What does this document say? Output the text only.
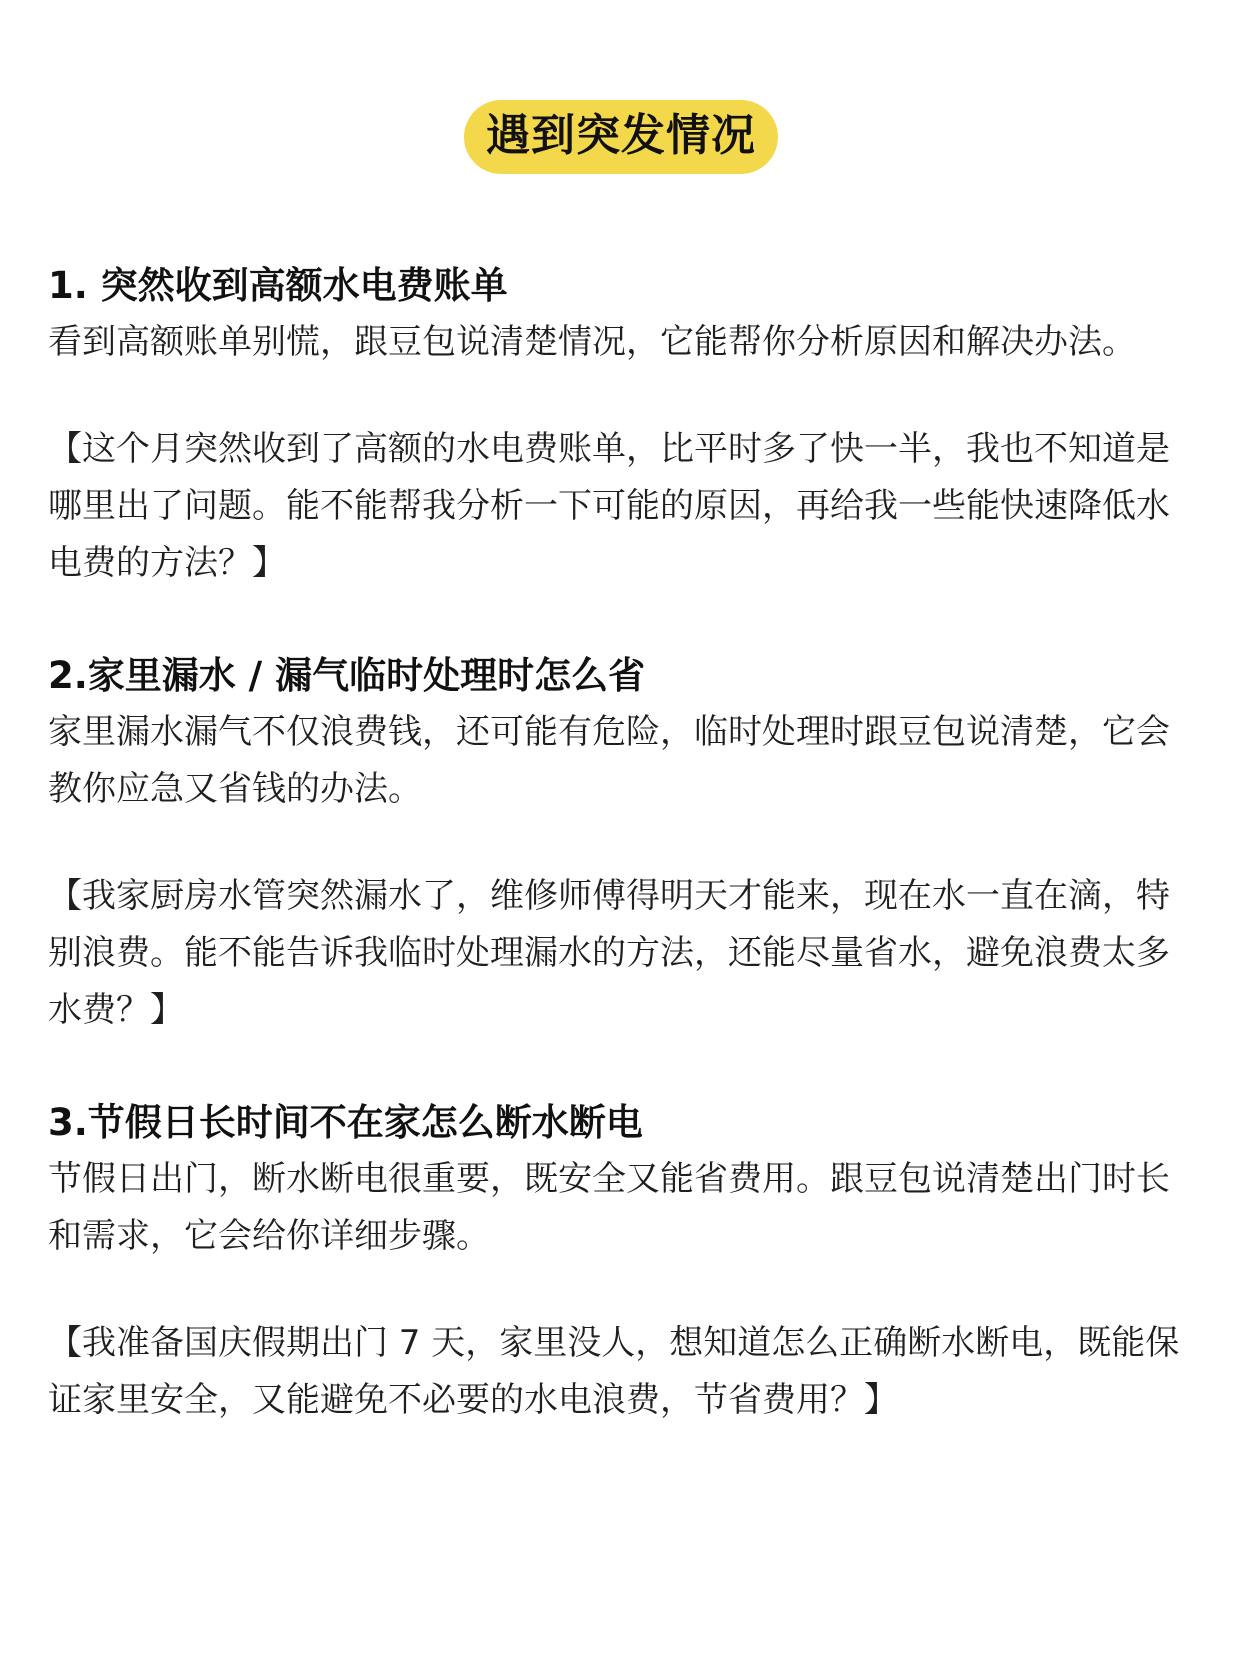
遇到突发情况

1. 突然收到高额水电费账单

看到高额账单别慌，跟豆包说清楚情况，它能帮你分析原因和解决办法。

【这个月突然收到了高额的水电费账单，比平时多了快一半，我也不知道是哪里出了问题。能不能帮我分析一下可能的原因，再给我一些能快速降低水电费的方法？】

2.家里漏水 / 漏气临时处理时怎么省

家里漏水漏气不仅浪费钱，还可能有危险，临时处理时跟豆包说清楚，它会教你应急又省钱的办法。

【我家厨房水管突然漏水了，维修师傅得明天才能来，现在水一直在滴，特别浪费。能不能告诉我临时处理漏水的方法，还能尽量省水，避免浪费太多水费？】

3.节假日长时间不在家怎么断水断电

节假日出门，断水断电很重要，既安全又能省费用。跟豆包说清楚出门时长和需求，它会给你详细步骤。

【我准备国庆假期出门 7 天，家里没人，想知道怎么正确断水断电，既能保证家里安全，又能避免不必要的水电浪费，节省费用？】
